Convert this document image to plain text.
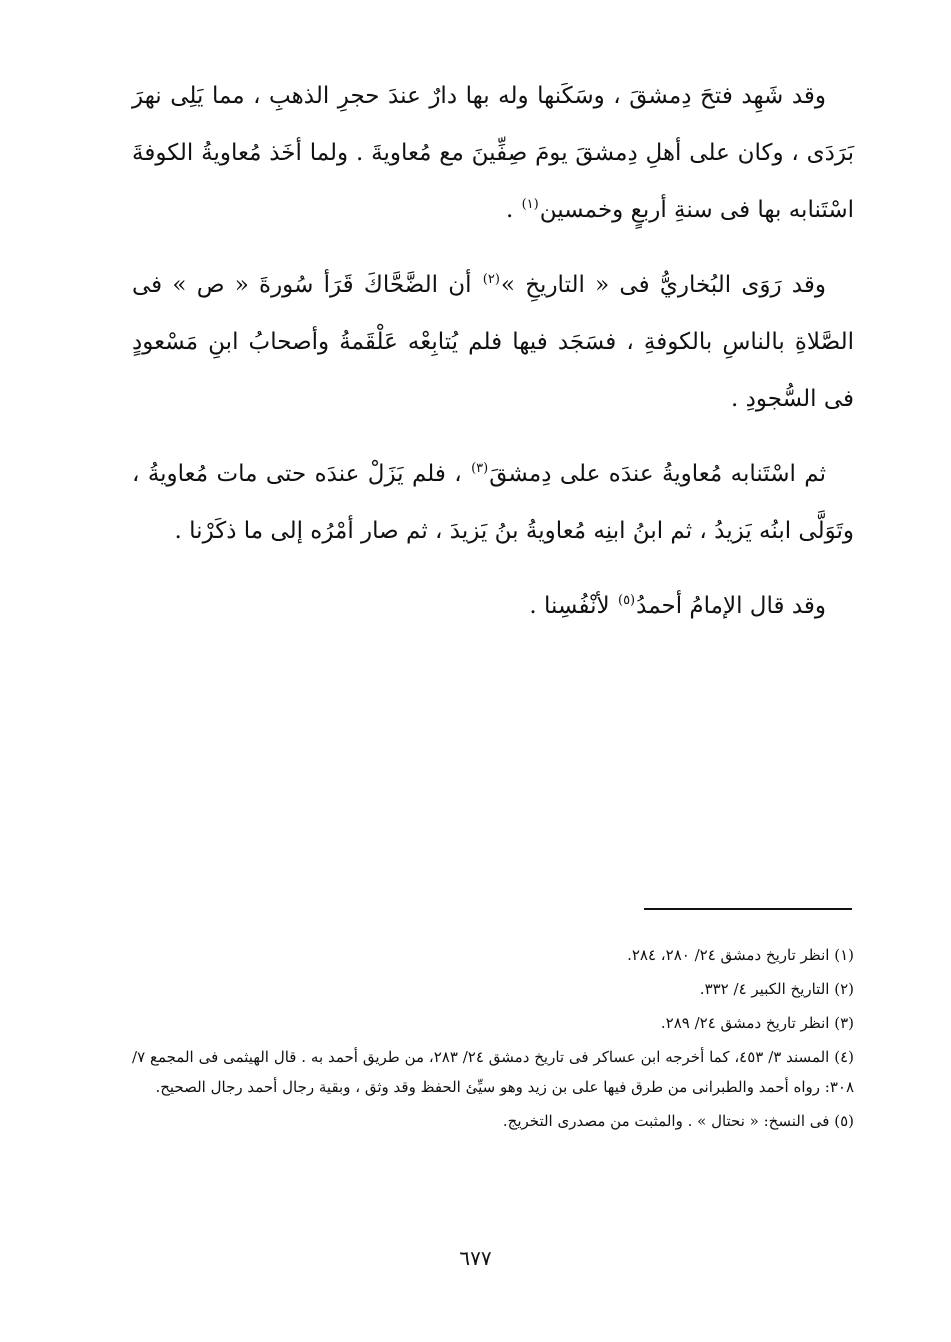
وقد شَهِد فتحَ دِمشقَ ، وسَكَنها وله بها دارٌ عندَ حجرِ الذهبِ ، مما يَلِى نهرَ بَرَدَى ، وكان على أهلِ دِمشقَ يومَ صِفِّينَ مع مُعاويةَ . ولما أخَذ مُعاويةُ الكوفةَ اسْتَنابه بها فى سنةِ أربعٍ وخمسين$^{(١)}$ .

وقد رَوَى البُخاريُّ فى « التاريخِ »$^{(٢)}$ أن الضَّحَّاكَ قَرَأ سُورةَ « ص » فى الصَّلاةِ بالناسِ بالكوفةِ ، فسَجَد فيها فلم يُتابِعْه عَلْقَمةُ وأصحابُ ابنِ مَسْعودٍ فى السُّجودِ .

ثم اسْتَنابه مُعاويةُ عندَه على دِمشقَ$^{(٣)}$ ، فلم يَزَلْ عندَه حتى مات مُعاويةُ ، وتَوَلَّى ابنُه يَزيدُ ، ثم ابنُ ابنِه مُعاويةُ بنُ يَزيدَ ، ثم صار أمْرُه إلى ما ذكَرْنا .

وقد قال الإمامُ أحمدُ$^{(٥)}$ لأنْفُسِنا .

(١) انظر تاريخ دمشق ٢٤/ ٢٨٠، ٢٨٤.

(٢) التاريخ الكبير ٤/ ٣٣٢.

(٣) انظر تاريخ دمشق ٢٤/ ٢٨٩.

(٤) المسند ٣/ ٤٥٣، كما أخرجه ابن عساكر فى تاريخ دمشق ٢٤/ ٢٨٣، من طريق أحمد به . قال الهيثمى فى المجمع ٧/ ٣٠٨: رواه أحمد والطبرانى من طرق فيها على بن زيد وهو سيِّئ الحفظ وقد وثق ، وبقية رجال أحمد رجال الصحيح.

(٥) فى النسخ: « نحتال » . والمثبت من مصدرى التخريج.

٦٧٧
